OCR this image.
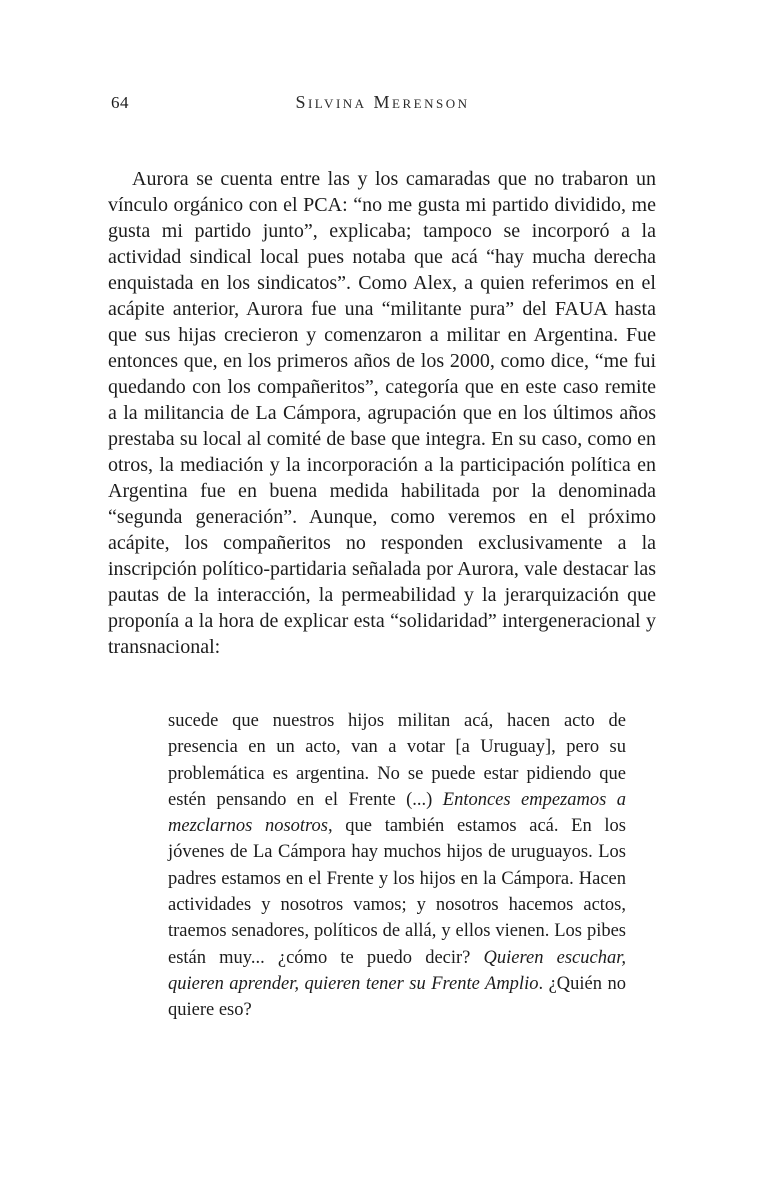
64	Silvina Merenson

Aurora se cuenta entre las y los camaradas que no trabaron un vínculo orgánico con el PCA: “no me gusta mi partido dividido, me gusta mi partido junto”, explicaba; tampoco se incorporó a la actividad sindical local pues notaba que acá “hay mucha derecha enquistada en los sindicatos”. Como Alex, a quien referimos en el acápite anterior, Aurora fue una “militante pura” del FAUA hasta que sus hijas crecieron y comenzaron a militar en Argentina. Fue entonces que, en los primeros años de los 2000, como dice, “me fui quedando con los compañeritos”, categoría que en este caso remite a la militancia de La Cámpora, agrupación que en los últimos años prestaba su local al comité de base que integra. En su caso, como en otros, la mediación y la incorporación a la participación política en Argentina fue en buena medida habilitada por la denominada “segunda generación”. Aunque, como veremos en el próximo acápite, los compañeritos no responden exclusivamente a la inscripción político-partidaria señalada por Aurora, vale destacar las pautas de la interacción, la permeabilidad y la jerarquización que proponía a la hora de explicar esta “solidaridad” intergeneracional y transnacional:

sucede que nuestros hijos militan acá, hacen acto de presencia en un acto, van a votar [a Uruguay], pero su problemática es argentina. No se puede estar pidiendo que estén pensando en el Frente (...) Entonces empezamos a mezclarnos nosotros, que también estamos acá. En los jóvenes de La Cámpora hay muchos hijos de uruguayos. Los padres estamos en el Frente y los hijos en la Cámpora. Hacen actividades y nosotros vamos; y nosotros hacemos actos, traemos senadores, políticos de allá, y ellos vienen. Los pibes están muy... ¿cómo te puedo decir? Quieren escuchar, quieren aprender, quieren tener su Frente Amplio. ¿Quién no quiere eso?
